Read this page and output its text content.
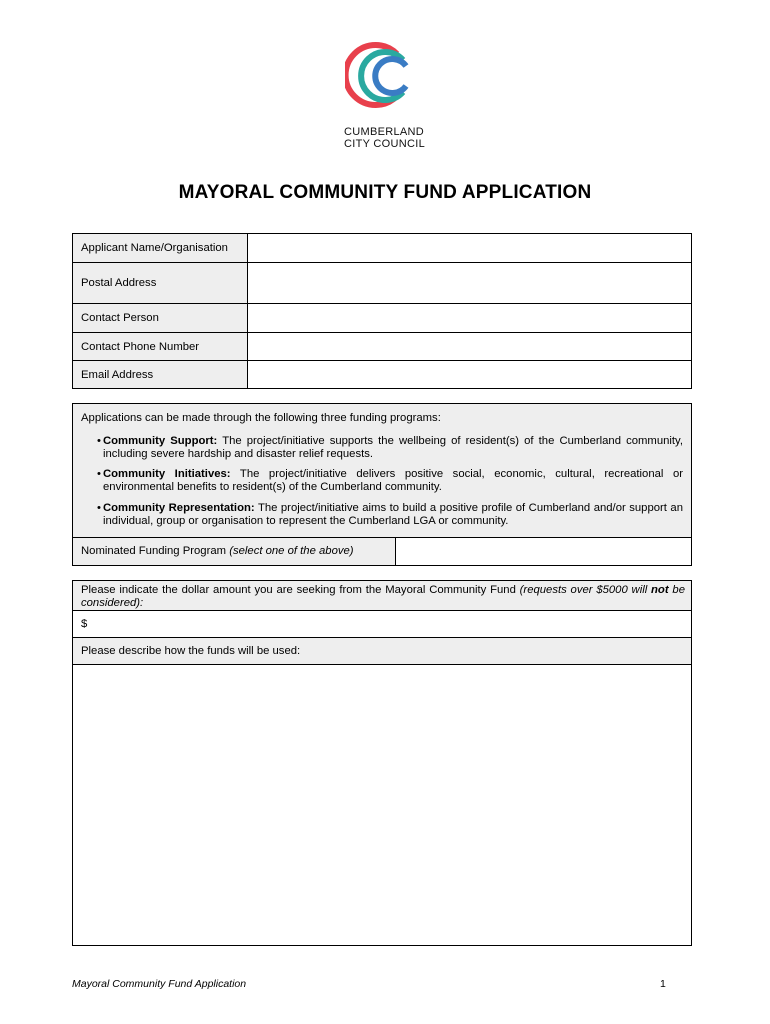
CUMBERLAND
CITY COUNCIL
MAYORAL COMMUNITY FUND APPLICATION
Applicant Name/Organisation
Postal Address
Contact Person
Contact Phone Number
Email Address
Applications can be made through the following three funding programs:
• Community Support: The project/initiative supports the wellbeing of resident(s) of the Cumberland community, including severe hardship and disaster relief requests.
• Community Initiatives: The project/initiative delivers positive social, economic, cultural, recreational or environmental benefits to resident(s) of the Cumberland community.
• Community Representation: The project/initiative aims to build a positive profile of Cumberland and/or support an individual, group or organisation to represent the Cumberland LGA or community.
Nominated Funding Program (select one of the above)
Please indicate the dollar amount you are seeking from the Mayoral Community Fund (requests over $5000 will not be considered):
$
Please describe how the funds will be used:
Mayoral Community Fund Application	1
